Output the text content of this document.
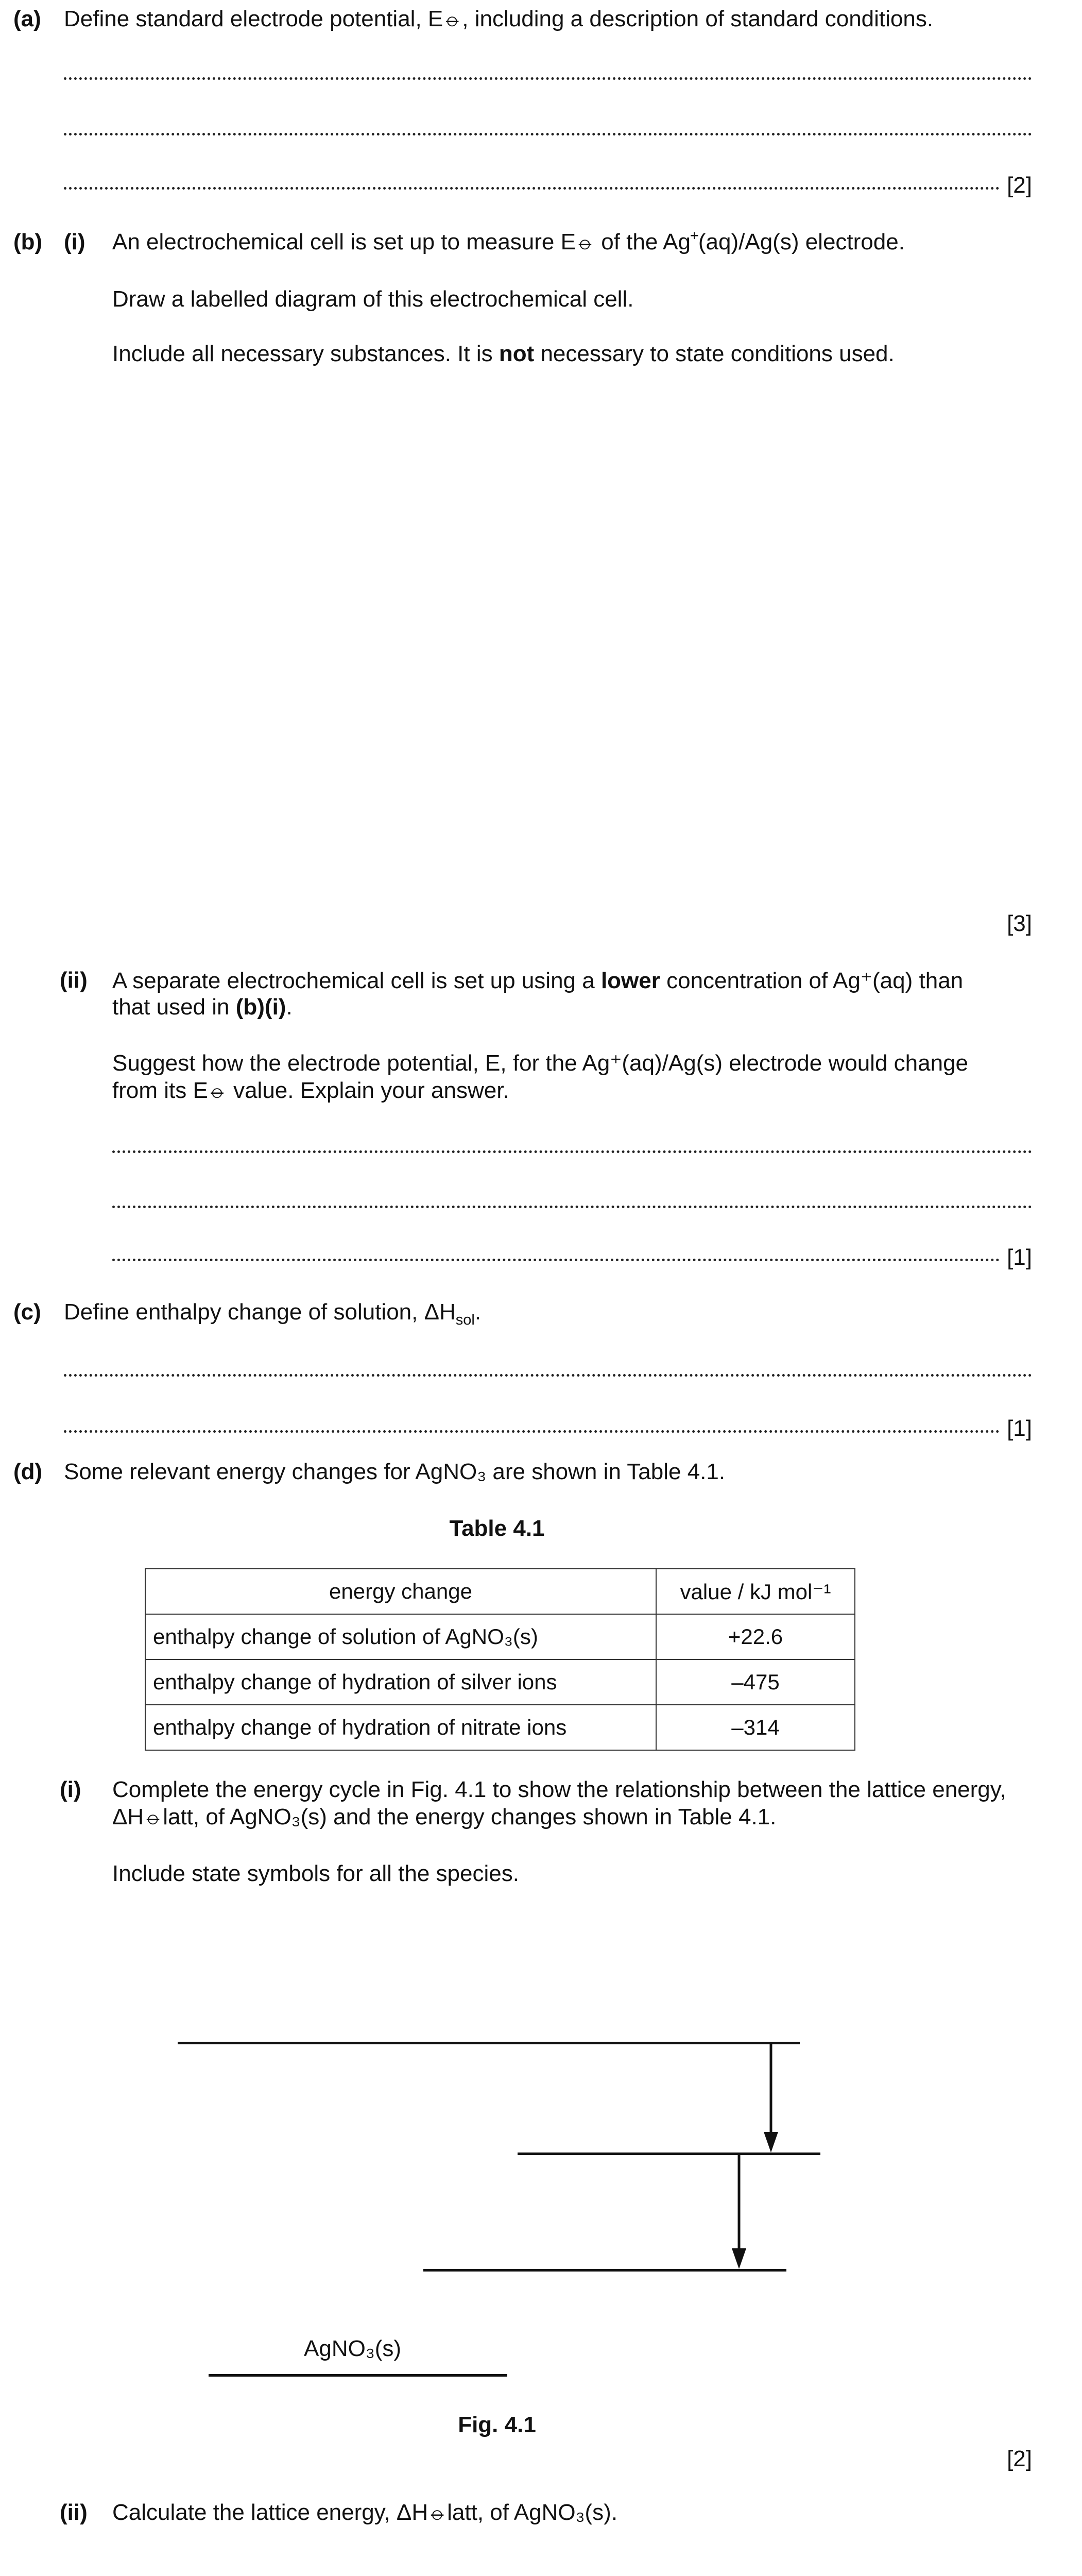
(a) Define standard electrode potential, E⦵, including a description of standard conditions.
[2]
(b) (i) An electrochemical cell is set up to measure E⦵ of the Ag⁺(aq)/Ag(s) electrode.
Draw a labelled diagram of this electrochemical cell.
Include all necessary substances. It is not necessary to state conditions used.
[3]
(ii) A separate electrochemical cell is set up using a lower concentration of Ag⁺(aq) than
that used in (b)(i).
Suggest how the electrode potential, E, for the Ag⁺(aq)/Ag(s) electrode would change
from its E⦵ value. Explain your answer.
[1]
(c) Define enthalpy change of solution, $\Delta H_{sol}$.
[1]
(d) Some relevant energy changes for AgNO₃ are shown in Table 4.1.
Table 4.1
energy change	value / kJ mol⁻¹
enthalpy change of solution of AgNO₃(s)	+22.6
enthalpy change of hydration of silver ions	–475
enthalpy change of hydration of nitrate ions	–314
(i) Complete the energy cycle in Fig. 4.1 to show the relationship between the lattice energy,
ΔH⦵latt, of AgNO₃(s) and the energy changes shown in Table 4.1.
Include state symbols for all the species.
AgNO₃(s)
Fig. 4.1
[2]
(ii) Calculate the lattice energy, ΔH⦵latt, of AgNO₃(s).
